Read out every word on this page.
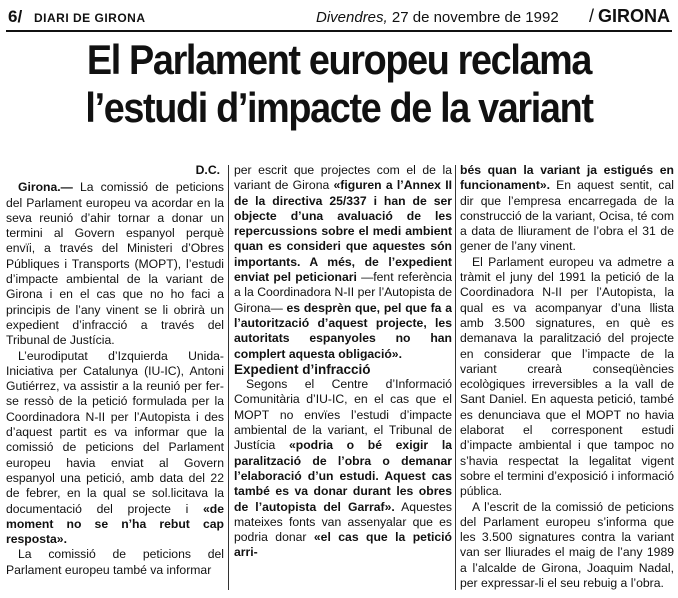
6/ DIARI DE GIRONA	Divendres, 27 de novembre de 1992 / GIRONA
El Parlament europeu reclama
l’estudi d’impacte de la variant
D.C.

Girona.— La comissió de peticions del Parlament europeu va acordar en la seva reunió d’ahir tornar a donar un termini al Govern espanyol perquè envïi, a través del Ministeri d’Obres Públiques i Transports (MOPT), l’estudi d’impacte ambiental de la variant de Girona i en el cas que no ho faci a principis de l’any vinent se li obrirà un expedient d’infracció a través del Tribunal de Justícia.

L’eurodiputat d’Izquierda Unida-Iniciativa per Catalunya (IU-IC), Antoni Gutiérrez, va assistir a la reunió per fer-se ressò de la petició formulada per la Coordinadora N-II per l’Autopista i des d’aquest partit es va informar que la comissió de peticions del Parlament europeu havia enviat al Govern espanyol una petició, amb data del 22 de febrer, en la qual se sol.licitava la documentació del projecte i «de moment no se n’ha rebut cap resposta».

La comissió de peticions del Parlament europeu també va informar

per escrit que projectes com el de la variant de Girona «figuren a l’Annex II de la directiva 25/337 i han de ser objecte d’una avaluació de les repercussions sobre el medi ambient quan es consideri que aquestes són importants. A més, de l’expedient enviat pel peticionari —fent referència a la Coordinadora N-II per l’Autopista de Girona— es desprèn que, pel que fa a l’autorització d’aquest projecte, les autoritats espanyoles no han complert aquesta obligació».

Expedient d’infracció

Segons el Centre d’Informació Comunitària d’IU-IC, en el cas que el MOPT no envïes l’estudi d’impacte ambiental de la variant, el Tribunal de Justícia «podria o bé exigir la paralització de l’obra o demanar l’elaboració d’un estudi. Aquest cas també es va donar durant les obres de l’autopista del Garraf». Aquestes mateixes fonts van assenyalar que es podria donar «el cas que la petició arri-

bés quan la variant ja estigués en funcionament». En aquest sentit, cal dir que l’empresa encarregada de la construcció de la variant, Ocisa, té com a data de lliurament de l’obra el 31 de gener de l’any vinent.

El Parlament europeu va admetre a tràmit el juny del 1991 la petició de la Coordinadora N-II per l’Autopista, la qual es va acompanyar d’una llista amb 3.500 signatures, en què es demanava la paralització del projecte en considerar que l’impacte de la variant crearà conseqüències ecològiques irreversibles a la vall de Sant Daniel. En aquesta petició, també es denunciava que el MOPT no havia elaborat el corresponent estudi d’impacte ambiental i que tampoc no s’havia respectat la legalitat vigent sobre el termini d’exposició i informació pública.

A l’escrit de la comissió de peticions del Parlament europeu s’informa que les 3.500 signatures contra la variant van ser lliurades el maig de l’any 1989 a l’alcalde de Girona, Joaquim Nadal, per expressar-li el seu rebuig a l’obra.
